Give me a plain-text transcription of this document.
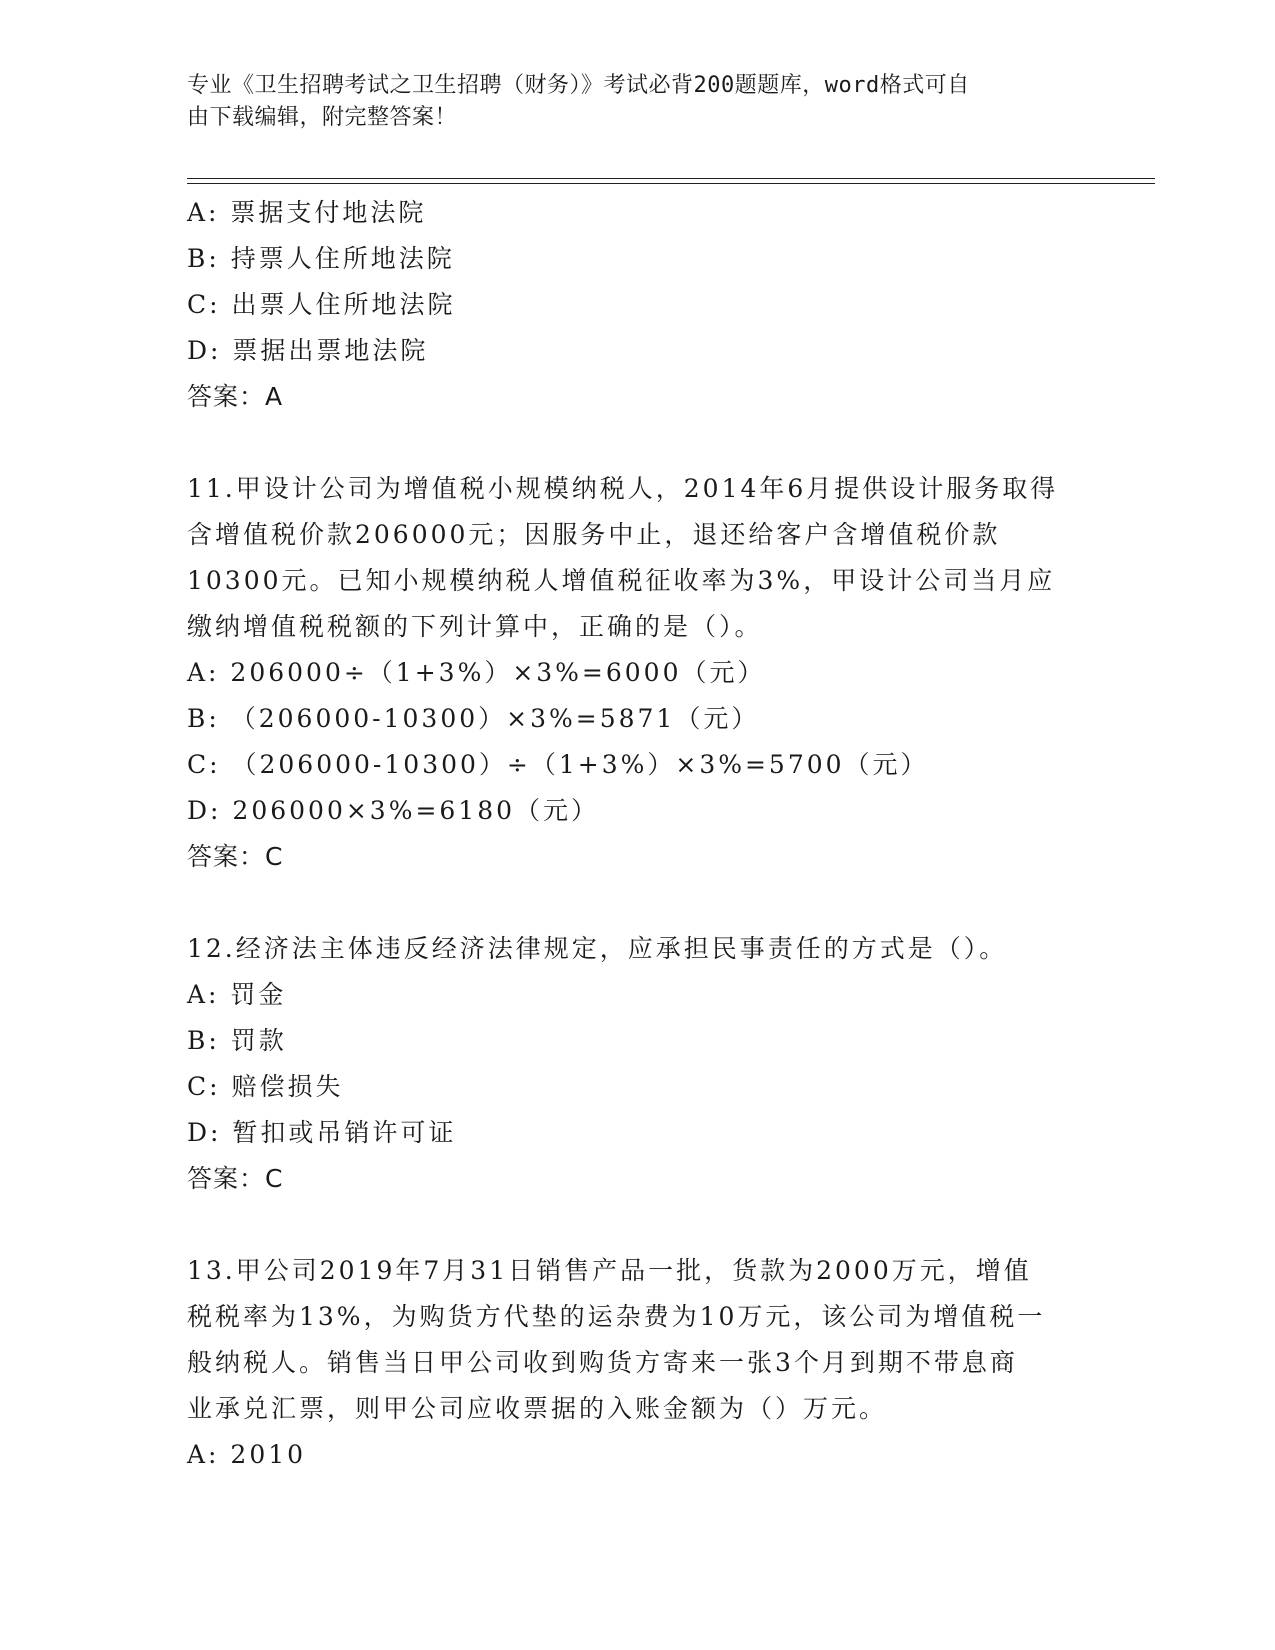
专业《卫生招聘考试之卫生招聘（财务）》考试必背200题题库，word格式可自
由下载编辑，附完整答案！
A: 票据支付地法院
B: 持票人住所地法院
C: 出票人住所地法院
D: 票据出票地法院
答案：A
11.甲设计公司为增值税小规模纳税人，2014年6月提供设计服务取得
含增值税价款206000元；因服务中止，退还给客户含增值税价款
10300元。已知小规模纳税人增值税征收率为3%，甲设计公司当月应
缴纳增值税税额的下列计算中，正确的是（）。
A: 206000÷（1+3%）×3%=6000（元）
B: （206000-10300）×3%=5871（元）
C: （206000-10300）÷（1+3%）×3%=5700（元）
D: 206000×3%=6180（元）
答案：C
12.经济法主体违反经济法律规定，应承担民事责任的方式是（）。
A: 罚金
B: 罚款
C: 赔偿损失
D: 暂扣或吊销许可证
答案：C
13.甲公司2019年7月31日销售产品一批，货款为2000万元，增值
税税率为13%，为购货方代垫的运杂费为10万元，该公司为增值税一
般纳税人。销售当日甲公司收到购货方寄来一张3个月到期不带息商
业承兑汇票，则甲公司应收票据的入账金额为（）万元。
A: 2010
